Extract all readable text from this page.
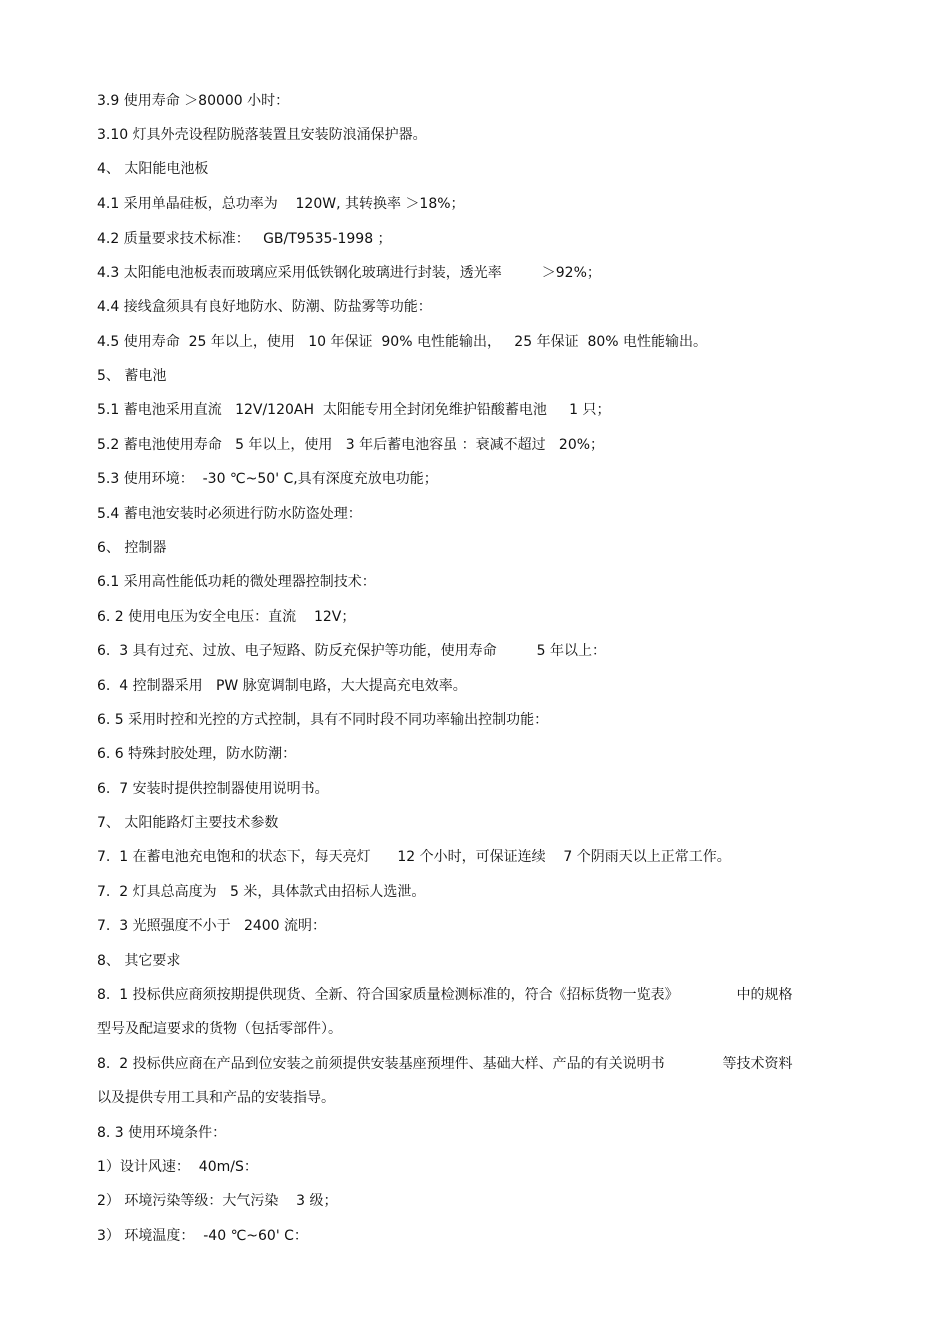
3.9 使用寿命 ＞80000 小时：
3.10 灯具外壳设程防脱落装置且安装防浪涌保护器。
4、 太阳能电池板
4.1 采用单晶硅板，总功率为    120W, 其转换率 ＞18%；
4.2 质量要求技术标准：   GB/T9535-1998 ；
4.3 太阳能电池板表而玻璃应采用低铁钢化玻璃进行封装，透光率         ＞92%；
4.4 接线盒须具有良好地防水、防潮、防盐雾等功能：
4.5 使用寿命  25 年以上，使用   10 年保证  90% 电性能输出，   25 年保证  80% 电性能输出。
5、 蓄电池
5.1 蓄电池采用直流   12V/120AH  太阳能专用全封闭免维护铅酸蓄电池     1 只；
5.2 蓄电池使用寿命   5 年以上，使用   3 年后蓄电池容虽 ：衰减不超过   20%；
5.3 使用环境：  -30 ℃~50' C,具有深度充放电功能；
5.4 蓄电池安装时必须进行防水防盗处理：
6、 控制器
6.1 采用高性能低功耗的微处理器控制技术：
6. 2 使用电压为安全电压：直流    12V；
6.  3 具有过充、过放、电子短路、防反充保护等功能，使用寿命         5 年以上：
6.  4 控制器采用   PW 脉宽调制电路，大大提高充电效率。
6. 5 采用时控和光控的方式控制，具有不同时段不同功率输出控制功能：
6. 6 特殊封胶处理，防水防潮：
6.  7 安装时提供控制器使用说明书。
7、 太阳能路灯主要技术参数
7.  1 在蓄电池充电饱和的状态下，每天亮灯      12 个小时，可保证连续    7 个阴雨天以上正常工作。
7.  2 灯具总高度为   5 米，具体款式由招标人选泄。
7.  3 光照强度不小于   2400 流明：
8、 其它要求
8.  1 投标供应商须按期提供现货、全新、符合国家质量检测标准的，符合《招标货物一览表》             中的规格
型号及配這要求的货物（包括零部件）。
8.  2 投标供应商在产品到位安装之前须提供安装基座预埋件、基础大样、产品的有关说明书             等技术资料
以及提供专用工具和产品的安装指导。
8. 3 使用环境条件：
1）设计风速：  40m/S：
2） 环境污染等级：大气污染    3 级；
3） 环境温度：  -40 ℃~60' C：
